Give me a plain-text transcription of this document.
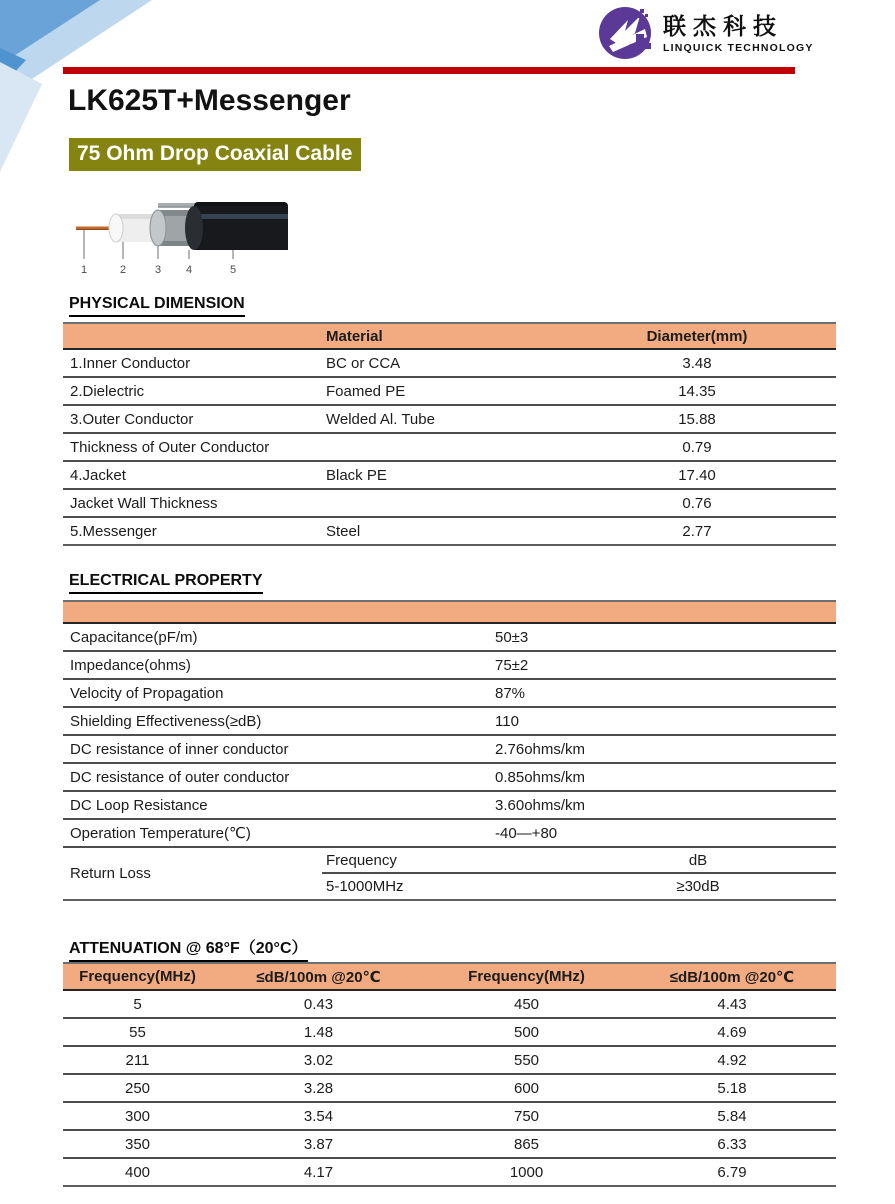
联杰科技
LINQUICK TECHNOLOGY
LK625T+Messenger
75 Ohm Drop Coaxial Cable
1	2	3 4	5
PHYSICAL DIMENSION
	Material	Diameter(mm)
1.Inner Conductor	BC or CCA	3.48
2.Dielectric	Foamed PE	14.35
3.Outer Conductor	Welded Al. Tube	15.88
Thickness of Outer Conductor		0.79
4.Jacket	Black PE	17.40
Jacket Wall Thickness		0.76
5.Messenger	Steel	2.77
ELECTRICAL PROPERTY

Capacitance(pF/m)		50±3	
Impedance(ohms)		75±2	
Velocity of Propagation		87%	
Shielding Effectiveness(≥dB)		110	
DC resistance of inner conductor		2.76ohms/km	
DC resistance of outer conductor		0.85ohms/km	
DC Loop Resistance		3.60ohms/km	
Operation Temperature(℃)		-40—+80	
Return Loss	Frequency		dB
	5-1000MHz		≥30dB
ATTENUATION @ 68°F（20°C）
Frequency(MHz)	≤dB/100m @20℃	Frequency(MHz)	≤dB/100m @20℃
5	0.43	450	4.43
55	1.48	500	4.69
211	3.02	550	4.92
250	3.28	600	5.18
300	3.54	750	5.84
350	3.87	865	6.33
400	4.17	1000	6.79
